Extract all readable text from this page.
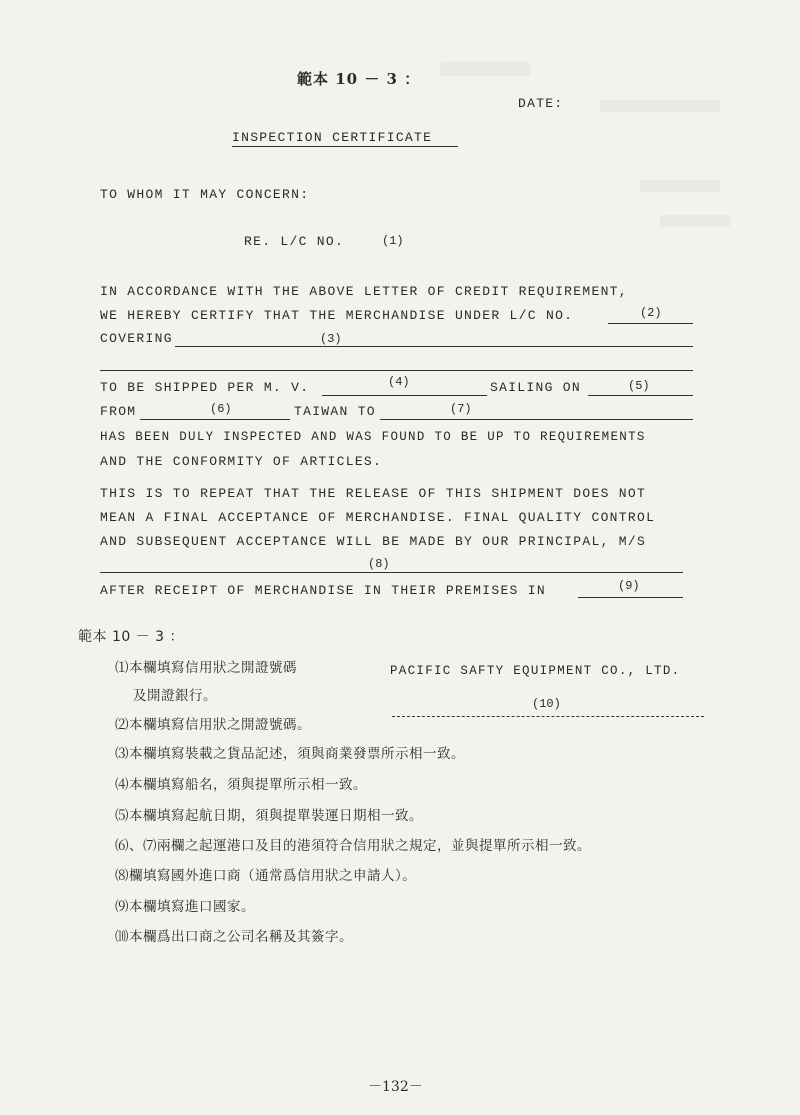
範本 10 － 3 ：
DATE:
INSPECTION CERTIFICATE
TO WHOM IT MAY CONCERN:
RE. L/C NO.	(1)
IN ACCORDANCE WITH THE ABOVE LETTER OF CREDIT REQUIREMENT,
WE HEREBY CERTIFY THAT THE MERCHANDISE UNDER L/C NO.	(2)
COVERING	(3)
TO BE SHIPPED PER M. V.	(4)	SAILING ON	(5)
FROM	(6)	TAIWAN TO	(7)
HAS BEEN DULY INSPECTED AND WAS FOUND TO BE UP TO REQUIREMENTS
AND THE CONFORMITY OF ARTICLES.
THIS IS TO REPEAT THAT THE RELEASE OF THIS SHIPMENT DOES NOT
MEAN A FINAL ACCEPTANCE OF MERCHANDISE. FINAL QUALITY CONTROL
AND SUBSEQUENT ACCEPTANCE WILL BE MADE BY OUR PRINCIPAL, M/S
(8)
AFTER RECEIPT OF MERCHANDISE IN THEIR PREMISES IN	(9)
PACIFIC SAFTY EQUIPMENT CO., LTD.
(10)
範本 10 － 3 ：
⑴本欄填寫信用狀之開證號碼
及開證銀行。
⑵本欄填寫信用狀之開證號碼。
⑶本欄填寫裝載之貨品記述，須與商業發票所示相一致。
⑷本欄填寫船名，須與提單所示相一致。
⑸本欄填寫起航日期，須與提單裝運日期相一致。
⑹、⑺兩欄之起運港口及目的港須符合信用狀之規定，並與提單所示相一致。
⑻欄填寫國外進口商（通常爲信用狀之申請人）。
⑼本欄填寫進口國家。
⑽本欄爲出口商之公司名稱及其簽字。
－132－
